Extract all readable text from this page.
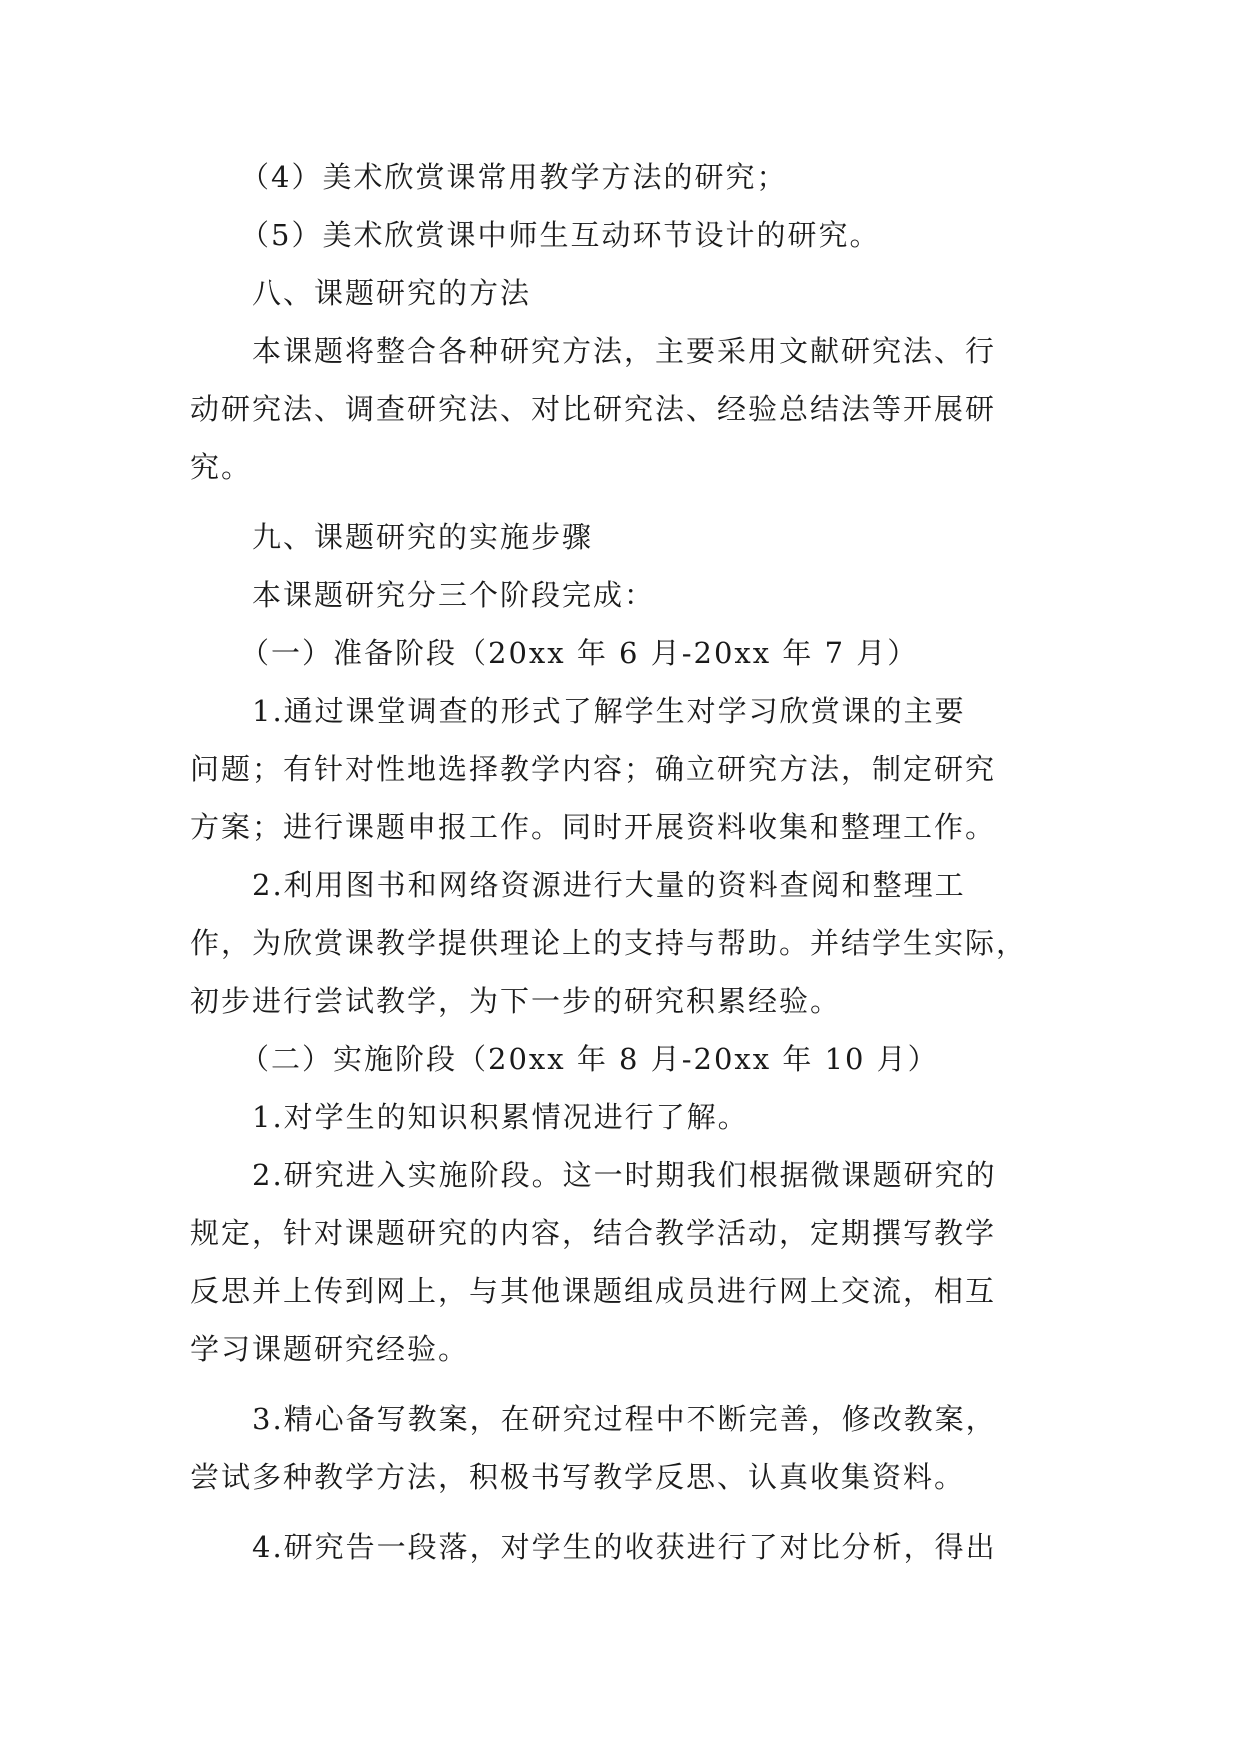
（4）美术欣赏课常用教学方法的研究；

（5）美术欣赏课中师生互动环节设计的研究。

八、课题研究的方法

本课题将整合各种研究方法，主要采用文献研究法、行

动研究法、调查研究法、对比研究法、经验总结法等开展研

究。

九、课题研究的实施步骤

本课题研究分三个阶段完成：

（一）准备阶段（20xx 年 6 月-20xx 年 7 月）

1.通过课堂调查的形式了解学生对学习欣赏课的主要

问题；有针对性地选择教学内容；确立研究方法，制定研究

方案；进行课题申报工作。同时开展资料收集和整理工作。

2.利用图书和网络资源进行大量的资料查阅和整理工

作，为欣赏课教学提供理论上的支持与帮助。并结学生实际，

初步进行尝试教学，为下一步的研究积累经验。

（二）实施阶段（20xx 年 8 月-20xx 年 10 月）

1.对学生的知识积累情况进行了解。

2.研究进入实施阶段。这一时期我们根据微课题研究的

规定，针对课题研究的内容，结合教学活动，定期撰写教学

反思并上传到网上，与其他课题组成员进行网上交流，相互

学习课题研究经验。

3.精心备写教案，在研究过程中不断完善，修改教案，

尝试多种教学方法，积极书写教学反思、认真收集资料。

4.研究告一段落，对学生的收获进行了对比分析，得出
